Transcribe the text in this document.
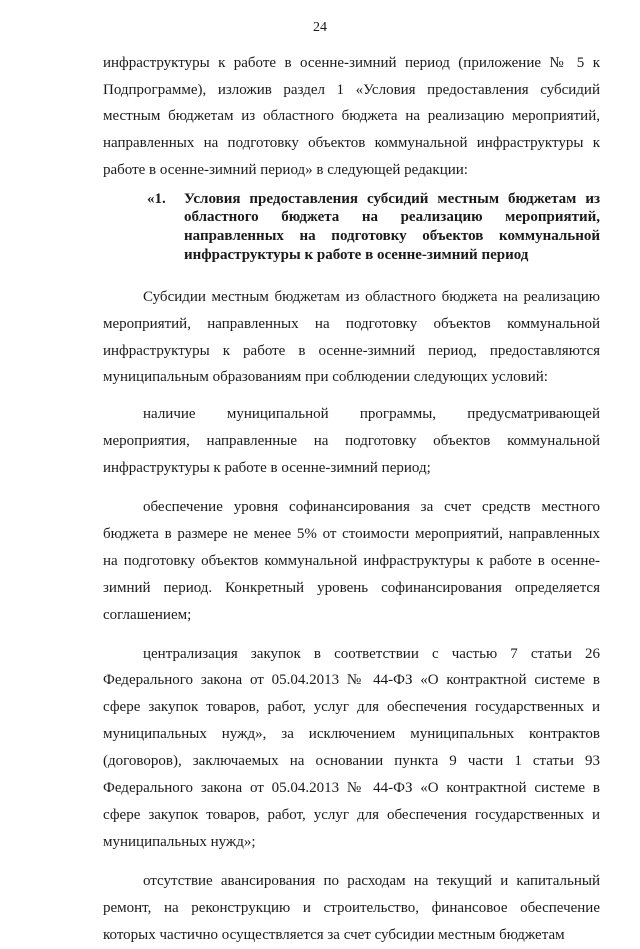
24

инфраструктуры к работе в осенне-зимний период (приложение № 5 к Подпрограмме), изложив раздел 1 «Условия предоставления субсидий местным бюджетам из областного бюджета на реализацию мероприятий, направленных на подготовку объектов коммунальной инфраструктуры к работе в осенне-зимний период» в следующей редакции:

«1. Условия предоставления субсидий местным бюджетам из областного бюджета на реализацию мероприятий, направленных на подготовку объектов коммунальной инфраструктуры к работе в осенне-зимний период

Субсидии местным бюджетам из областного бюджета на реализацию мероприятий, направленных на подготовку объектов коммунальной инфраструктуры к работе в осенне-зимний период, предоставляются муниципальным образованиям при соблюдении следующих условий:

наличие муниципальной программы, предусматривающей мероприятия, направленные на подготовку объектов коммунальной инфраструктуры к работе в осенне-зимний период;

обеспечение уровня софинансирования за счет средств местного бюджета в размере не менее 5% от стоимости мероприятий, направленных на подготовку объектов коммунальной инфраструктуры к работе в осенне-зимний период. Конкретный уровень софинансирования определяется соглашением;

централизация закупок в соответствии с частью 7 статьи 26 Федерального закона от 05.04.2013 № 44-ФЗ «О контрактной системе в сфере закупок товаров, работ, услуг для обеспечения государственных и муниципальных нужд», за исключением муниципальных контрактов (договоров), заключаемых на основании пункта 9 части 1 статьи 93 Федерального закона от 05.04.2013 № 44-ФЗ «О контрактной системе в сфере закупок товаров, работ, услуг для обеспечения государственных и муниципальных нужд»;

отсутствие авансирования по расходам на текущий и капитальный ремонт, на реконструкцию и строительство, финансовое обеспечение которых частично осуществляется за счет субсидии местным бюджетам
